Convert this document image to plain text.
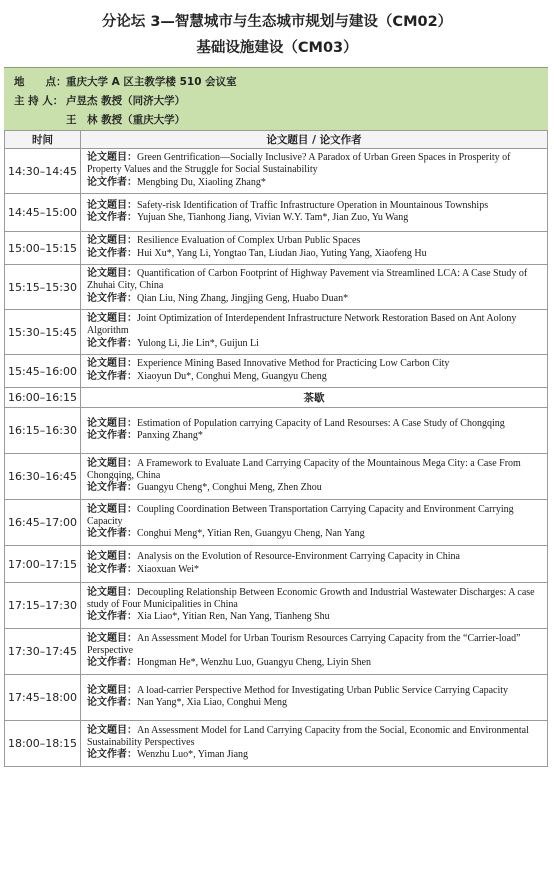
分论坛 3—智慧城市与生态城市规划与建设（CM02）
基础设施建设（CM03）
地　　点：重庆大学 A 区主教学楼 510 会议室
主 持 人： 卢昱杰 教授（同济大学）
王　林 教授（重庆大学）
时间	论文题目 / 论文作者
14:30–14:45	论文题目：Green Gentrification—Socially Inclusive? A Paradox of Urban Green Spaces in Prosperity of Property Values and the Struggle for Social Sustainability
论文作者：Mengbing Du, Xiaoling Zhang*

14:45–15:00	论文题目：Safety-risk Identification of Traffic Infrastructure Operation in Mountainous Townships
论文作者：Yujuan She, Tianhong Jiang, Vivian W.Y. Tam*, Jian Zuo, Yu Wang

15:00–15:15	论文题目：Resilience Evaluation of Complex Urban Public Spaces
论文作者：Hui Xu*, Yang Li, Yongtao Tan, Liudan Jiao, Yuting Yang, Xiaofeng Hu

15:15–15:30	论文题目：Quantification of Carbon Footprint of Highway Pavement via Streamlined LCA: A Case Study of Zhuhai City, China
论文作者：Qian Liu, Ning Zhang, Jingjing Geng, Huabo Duan*

15:30–15:45	论文题目：Joint Optimization of Interdependent Infrastructure Network Restoration Based on Ant Aolony Algorithm
论文作者：Yulong Li, Jie Lin*, Guijun Li

15:45–16:00	论文题目：Experience Mining Based Innovative Method for Practicing Low Carbon City
论文作者：Xiaoyun Du*, Conghui Meng, Guangyu Cheng

16:00–16:15	茶歇
16:15–16:30	论文题目：Estimation of Population carrying Capacity of Land Resourses: A Case Study of Chongqing
论文作者：Panxing Zhang*

16:30–16:45	论文题目：A Framework to Evaluate Land Carrying Capacity of the Mountainous Mega City: a Case From Chongqing, China
论文作者：Guangyu Cheng*, Conghui Meng, Zhen Zhou

16:45–17:00	论文题目：Coupling Coordination Between Transportation Carrying Capacity and Environment Carrying Capacity
论文作者：Conghui Meng*, Yitian Ren, Guangyu Cheng, Nan Yang

17:00–17:15	论文题目：Analysis on the Evolution of Resource-Environment Carrying Capacity in China
论文作者：Xiaoxuan Wei*

17:15–17:30	论文题目：Decoupling Relationship Between Economic Growth and Industrial Wastewater Discharges: A case study of Four Municipalities in China
论文作者：Xia Liao*, Yitian Ren, Nan Yang, Tianheng Shu

17:30–17:45	论文题目：An Assessment Model for Urban Tourism Resources Carrying Capacity from the “Carrier-load” Perspective
论文作者：Hongman He*, Wenzhu Luo, Guangyu Cheng, Liyin Shen

17:45–18:00	论文题目：A load-carrier Perspective Method for Investigating Urban Public Service Carrying Capacity
论文作者：Nan Yang*, Xia Liao, Conghui Meng

18:00–18:15	论文题目：An Assessment Model for Land Carrying Capacity from the Social, Economic and Environmental Sustainability Perspectives
论文作者：Wenzhu Luo*, Yiman Jiang
